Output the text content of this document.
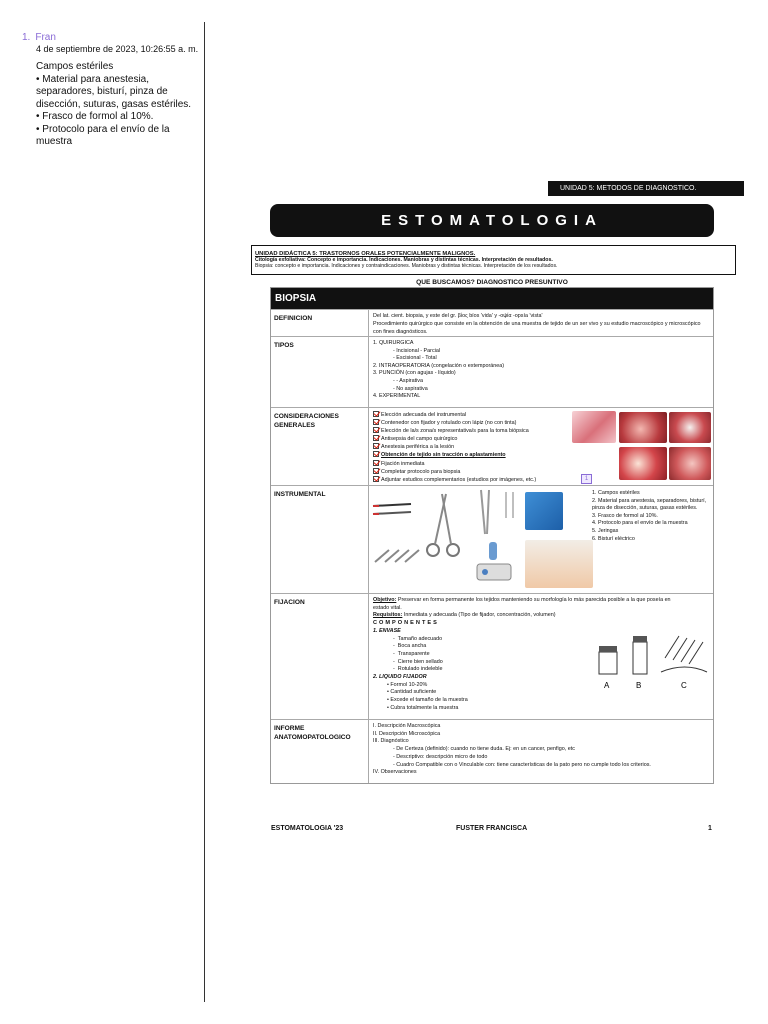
1. Fran
4 de septiembre de 2023, 10:26:55 a. m.
Campos estériles
• Material para anestesia, separadores, bisturí, pinza de disección, suturas, gasas estériles.
• Frasco de formol al 10%.
• Protocolo para el envío de la muestra
UNIDAD 5: METODOS DE DIAGNOSTICO.
ESTOMATOLOGIA
UNIDAD DIDÁCTICA 5: TRASTORNOS ORALES POTENCIALMENTE MALIGNOS.
Citología exfoliativa: Concepto e importancia. Indicaciones. Maniobras y distintas técnicas. Interpretación de resultados.
Biopsia: concepto e importancia. Indicaciones y contraindicaciones. Maniobras y distintas técnicas. Interpretación de los resultados.
QUE BUSCAMOS? DIAGNOSTICO PRESUNTIVO
BIOPSIA
DEFINICION	Del lat. cient. biopsia, y este del gr. βίος bíos 'vida' y -οψία -opsía 'vista'
Procedimiento quirúrgico que consiste en la obtención de una muestra de tejido de un ser vivo y su estudio macroscópico y microscópico con fines diagnósticos.
TIPOS	1. QUIRURGICA
‐ Incisional - Parcial
‐ Escisional - Total
2. INTRAOPERATORIA (congelación o extemporánea)
3. PUNCIÓN (con agujas - líquido)
‐ - Aspirativa
‐ No aspirativa
4. EXPERIMENTAL
CONSIDERACIONES GENERALES
Elección adecuada del instrumental
Contenedor con fijador y rotulado con lápiz (no con tinta)
Elección de la/s zona/s representativa/s para la toma biópsica
Antisepsia del campo quirúrgico
Anestesia periférica a la lesión
Obtención de tejido sin tracción o aplastamiento
Fijación inmediata
Completar protocolo para biopsia
Adjuntar estudios complementarios (estudios por imágenes, etc.)
INSTRUMENTAL
1
1. Campos estériles
2. Material para anestesia, separadores, bisturí, pinza de disección, suturas, gasas estériles.
3. Frasco de formol al 10%.
4. Protocolo para el envío de la muestra
5. Jeringas
6. Bisturí eléctrico
FIJACION	Objetivo: Preservar en forma permanente los tejidos manteniendo su morfología lo más parecida posible a la que poseía en estado vital.
Requisitos: Inmediata y adecuada (Tipo de fijador, concentración, volumen)
COMPONENTES
1. ENVASE
‐  Tamaño adecuado
‐  Boca ancha
‐  Transparente
‐  Cierre bien sellado
‐  Rotulado indeleble
2. LIQUIDO FIJADOR
• Formol 10-20%
• Cantidad suficiente
• Excede el tamaño de la muestra
• Cubra totalmente la muestra
A	B	C
INFORME ANATOMOPATOLOGICO
I. Descripción Macroscópica
II. Descripción Microscópica
III. Diagnóstico
‐ De Certeza (definido): cuando no tiene duda. Ej: en un cancer, penfigo, etc
‐ Descriptivo: descripción micro de todo
‐ Cuadro Compatible con o Vinculable con: tiene características de la pato pero no cumple todo los criterios.
IV. Observaciones
ESTOMATOLOGIA '23	FUSTER FRANCISCA	1
